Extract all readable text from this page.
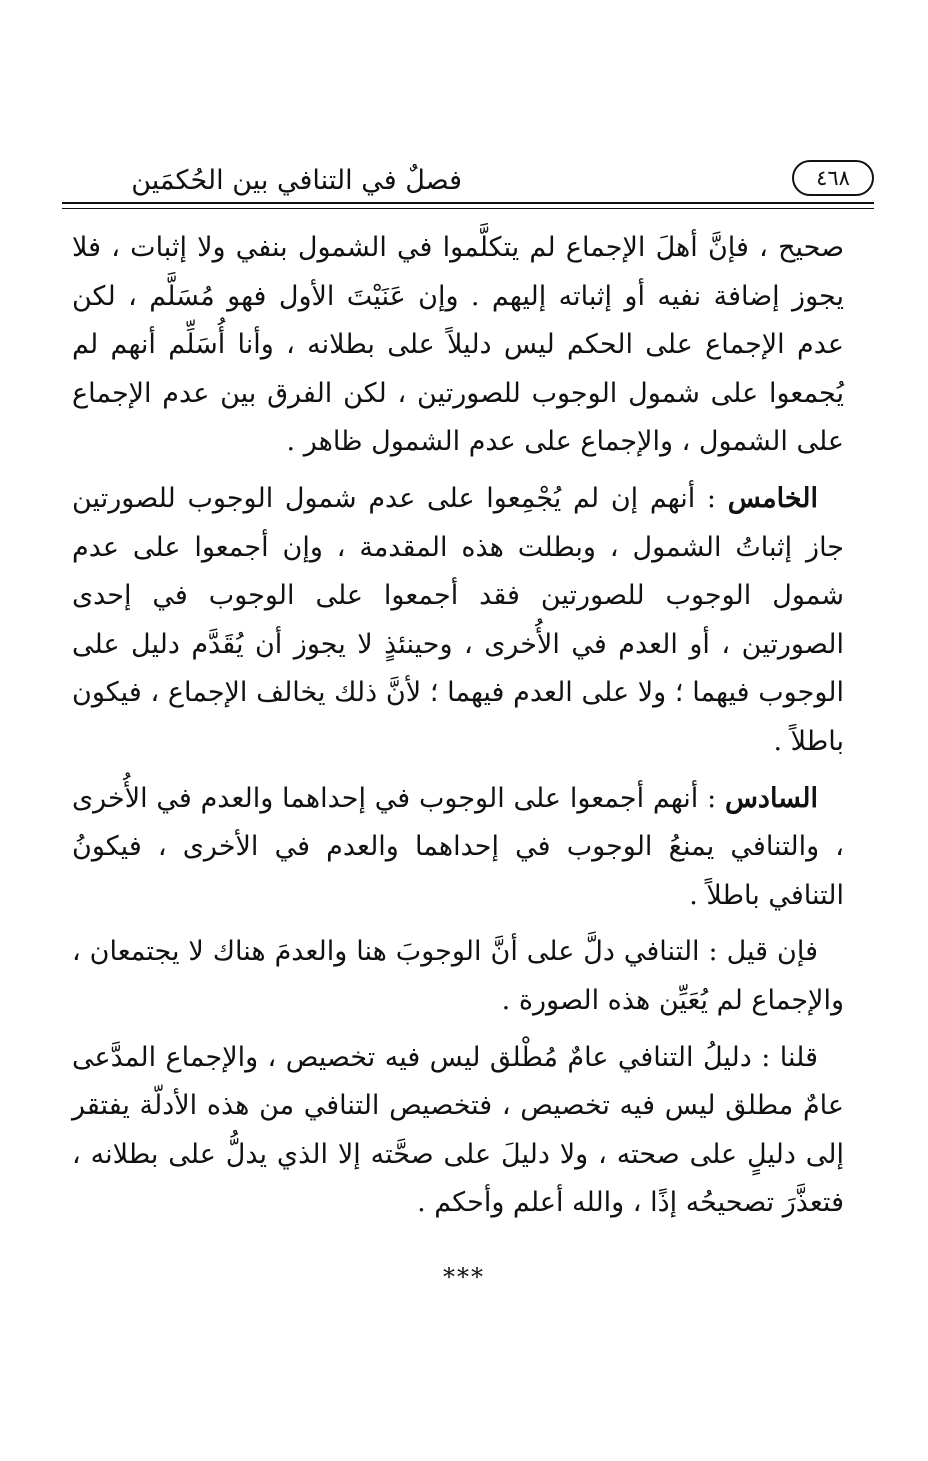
فصلٌ في التنافي بين الحُكمَين	٤٦٨

صحيح ، فإنَّ أهلَ الإجماع لم يتكلَّموا في الشمول بنفي ولا إثبات ، فلا يجوز إضافة نفيه أو إثباته إليهم . وإن عَنَيْتَ الأول فهو مُسَلَّم ، لكن عدم الإجماع على الحكم ليس دليلاً على بطلانه ، وأنا أُسَلِّم أنهم لم يُجمعوا على شمول الوجوب للصورتين ، لكن الفرق بين عدم الإجماع على الشمول ، والإجماع على عدم الشمول ظاهر .

الخامس : أنهم إن لم يُجْمِعوا على عدم شمول الوجوب للصورتين جاز إثباتُ الشمول ، وبطلت هذه المقدمة ، وإن أجمعوا على عدم شمول الوجوب للصورتين فقد أجمعوا على الوجوب في إحدى الصورتين ، أو العدم في الأُخرى ، وحينئذٍ لا يجوز أن يُقَدَّم دليل على الوجوب فيهما ؛ ولا على العدم فيهما ؛ لأنَّ ذلك يخالف الإجماع ، فيكون باطلاً .

السادس : أنهم أجمعوا على الوجوب في إحداهما والعدم في الأُخرى ، والتنافي يمنعُ الوجوب في إحداهما والعدم في الأخرى ، فيكونُ التنافي باطلاً .

فإن قيل : التنافي دلَّ على أنَّ الوجوبَ هنا والعدمَ هناك لا يجتمعان ، والإجماع لم يُعَيِّن هذه الصورة .

قلنا : دليلُ التنافي عامٌ مُطْلق ليس فيه تخصيص ، والإجماع المدَّعى عامٌ مطلق ليس فيه تخصيص ، فتخصيص التنافي من هذه الأدلّة يفتقر إلى دليلٍ على صحته ، ولا دليلَ على صحَّته إلا الذي يدلُّ على بطلانه ، فتعذَّرَ تصحيحُه إذًا ، والله أعلم وأحكم .

***
